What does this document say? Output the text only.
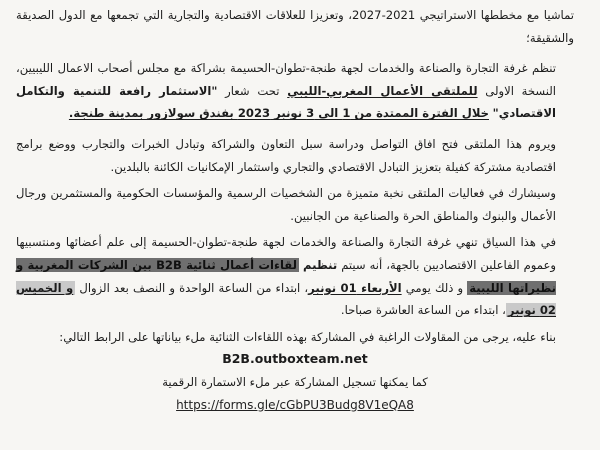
تماشيا مع مخططها الاستراتيجي 2021-2027، وتعزيزا للعلاقات الاقتصادية والتجارية التي تجمعها مع الدول الصديقة والشقيقة؛

تنظم غرفة التجارة والصناعة والخدمات لجهة طنجة-تطوان-الحسيمة بشراكة مع مجلس أصحاب الاعمال الليبيين، النسخة الاولى للملتقى الأعمال المغربي-الليبي تحت شعار "الاستثمار رافعة للتنمية والتكامل الاقتصادي" خلال الفترة الممتدة من 1 الى 3 نونبر 2023 بفندق سولازور بمدينة طنجة.

ويروم هذا الملتقى فتح افاق التواصل ودراسة سبل التعاون والشراكة وتبادل الخبرات والتجارب ووضع برامج اقتصادية مشتركة كفيلة بتعزيز التبادل الاقتصادي والتجاري واستثمار الإمكانيات الكائنة بالبلدين.

وسيشارك في فعاليات الملتقى نخبة متميزة من الشخصيات الرسمية والمؤسسات الحكومية والمستثمرين ورجال الأعمال والبنوك والمناطق الحرة والصناعية من الجانبين.

في هذا السياق تنهي غرفة التجارة والصناعة والخدمات لجهة طنجة-تطوان-الحسيمة إلى علم أعضائها ومنتسبيها وعموم الفاعلين الاقتصاديين بالجهة، أنه سيتم تنظيم لقاءات أعمال ثنائية B2B بين الشركات المغربية و نظيراتها الليبية و ذلك يومي الأربعاء 01 نونبر، ابتداء من الساعة الواحدة و النصف بعد الزوال و الخميس 02 نونبر، ابتداء من الساعة العاشرة صباحا.

بناء عليه، يرجى من المقاولات الراغبة في المشاركة بهذه اللقاءات الثنائية ملء بياناتها على الرابط التالي:

B2B.outboxteam.net

كما يمكنها تسجيل المشاركة عبر ملء الاستمارة الرقمية

https://forms.gle/cGbPU3Budg8V1eQA8
